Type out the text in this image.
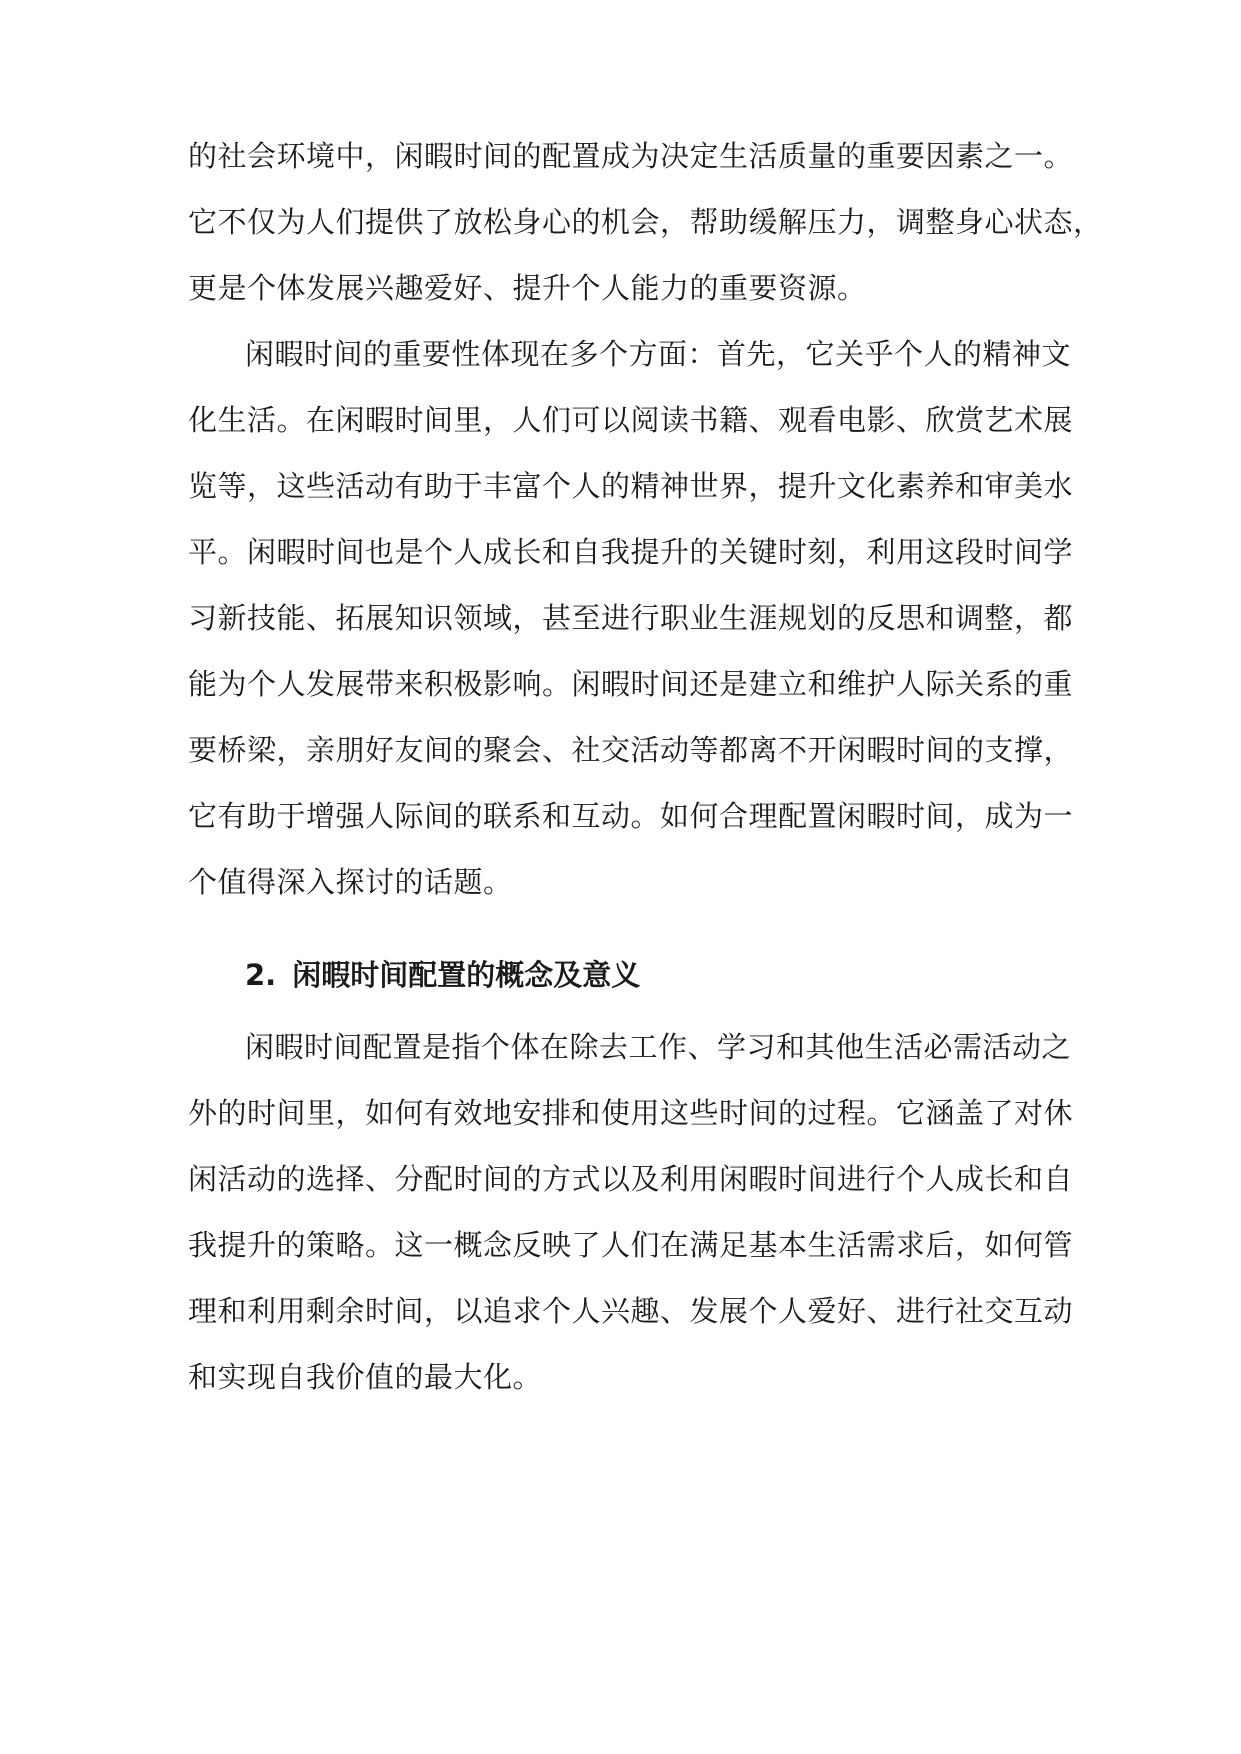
的社会环境中，闲暇时间的配置成为决定生活质量的重要因素之一。
它不仅为人们提供了放松身心的机会，帮助缓解压力，调整身心状态，
更是个体发展兴趣爱好、提升个人能力的重要资源。
闲暇时间的重要性体现在多个方面：首先，它关乎个人的精神文
化生活。在闲暇时间里，人们可以阅读书籍、观看电影、欣赏艺术展
览等，这些活动有助于丰富个人的精神世界，提升文化素养和审美水
平。闲暇时间也是个人成长和自我提升的关键时刻，利用这段时间学
习新技能、拓展知识领域，甚至进行职业生涯规划的反思和调整，都
能为个人发展带来积极影响。闲暇时间还是建立和维护人际关系的重
要桥梁，亲朋好友间的聚会、社交活动等都离不开闲暇时间的支撑，
它有助于增强人际间的联系和互动。如何合理配置闲暇时间，成为一
个值得深入探讨的话题。
2. 闲暇时间配置的概念及意义
闲暇时间配置是指个体在除去工作、学习和其他生活必需活动之
外的时间里，如何有效地安排和使用这些时间的过程。它涵盖了对休
闲活动的选择、分配时间的方式以及利用闲暇时间进行个人成长和自
我提升的策略。这一概念反映了人们在满足基本生活需求后，如何管
理和利用剩余时间，以追求个人兴趣、发展个人爱好、进行社交互动
和实现自我价值的最大化。
